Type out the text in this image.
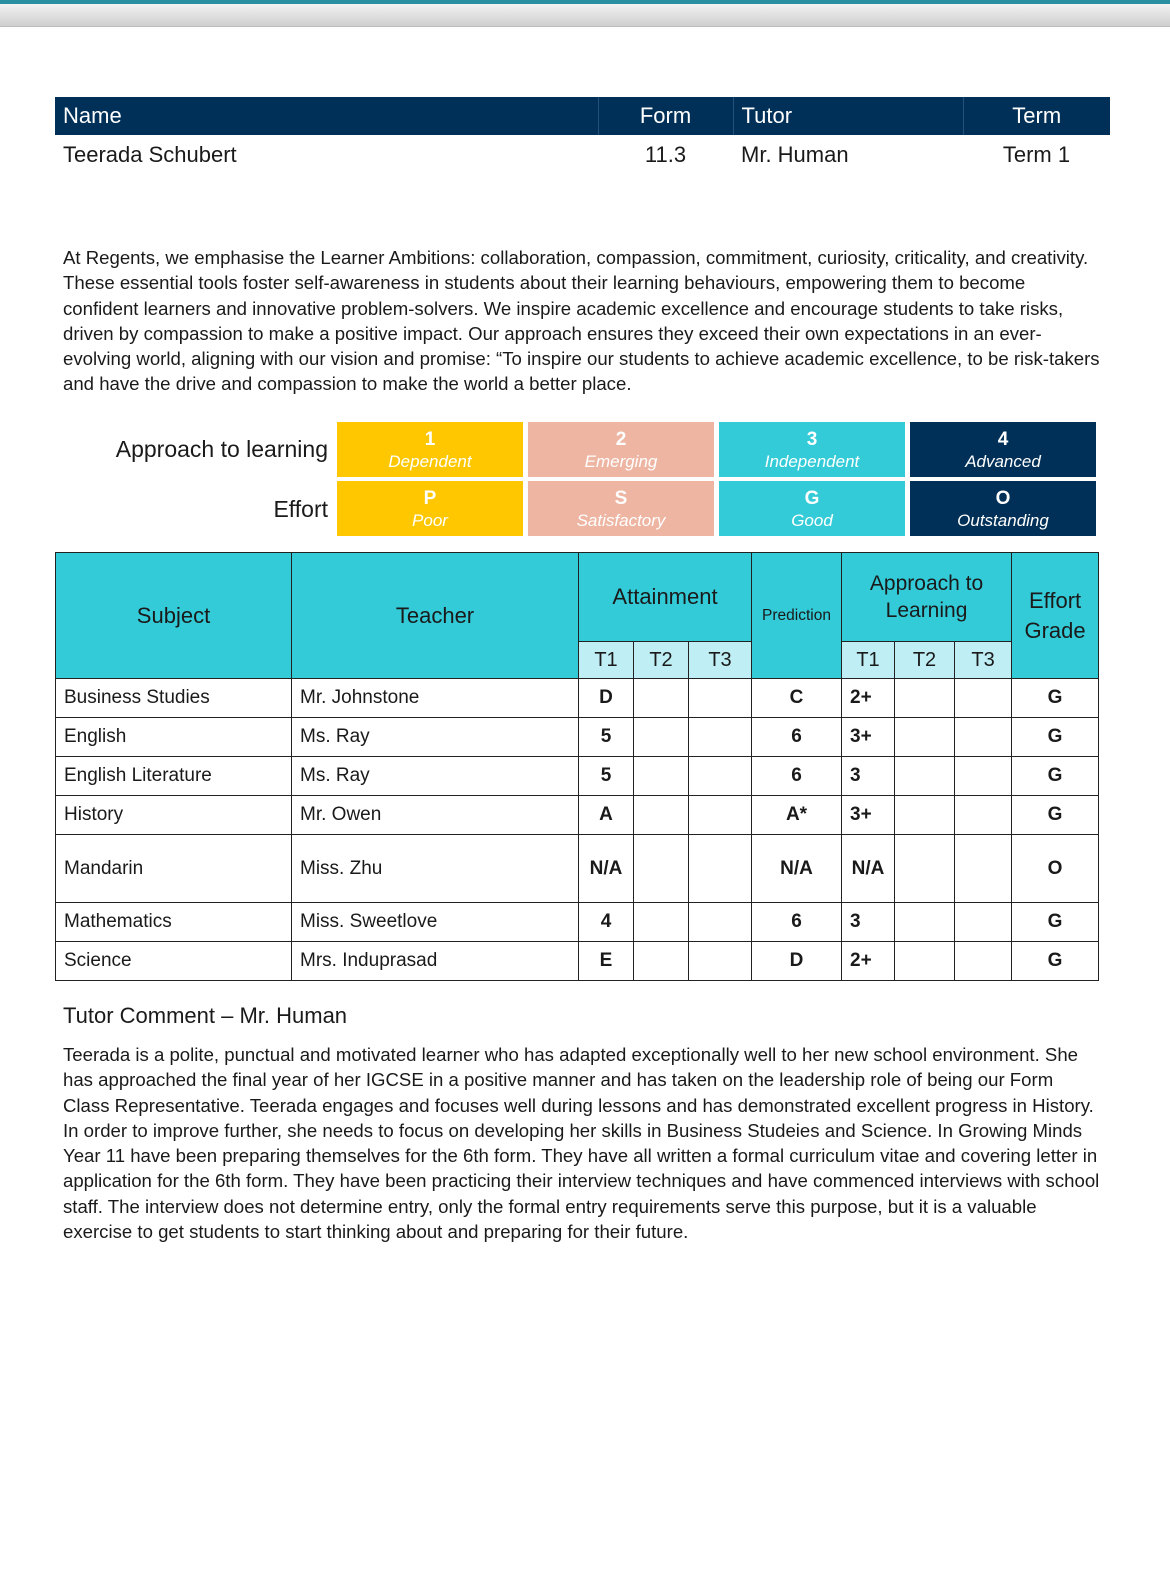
Name	Form	Tutor	Term
Teerada Schubert	11.3	Mr. Human	Term 1

At Regents, we emphasise the Learner Ambitions: collaboration, compassion, commitment, curiosity, criticality, and creativity. These essential tools foster self-awareness in students about their learning behaviours, empowering them to become confident learners and innovative problem-solvers. We inspire academic excellence and encourage students to take risks, driven by compassion to make a positive impact. Our approach ensures they exceed their own expectations in an ever-evolving world, aligning with our vision and promise: “To inspire our students to achieve academic excellence, to be risk-takers and have the drive and compassion to make the world a better place.

Approach to learning
Effort
1
Dependent
2
Emerging
3
Independent
4
Advanced
P
Poor
S
Satisfactory
G
Good
O
Outstanding
Subject	Teacher	Attainment			Prediction	Approach to Learning			Effort Grade
		T1	T2	T3		T1	T2	T3	
Business Studies	Mr. Johnstone	D			C	2+			G
English	Ms. Ray	5			6	3+			G
English Literature	Ms. Ray	5			6	3			G
History	Mr. Owen	A			A*	3+			G
Mandarin	Miss. Zhu	N/A			N/A	N/A			O
Mathematics	Miss. Sweetlove	4			6	3			G
Science	Mrs. Induprasad	E			D	2+			G
Tutor Comment – Mr. Human

Teerada is a polite, punctual and motivated learner who has adapted exceptionally well to her new school environment. She has approached the final year of her IGCSE in a positive manner and has taken on the leadership role of being our Form Class Representative. Teerada engages and focuses well during lessons and has demonstrated excellent progress in History. In order to improve further, she needs to focus on developing her skills in Business Studeies and Science. In Growing Minds Year 11 have been preparing themselves for the 6th form. They have all written a formal curriculum vitae and covering letter in application for the 6th form. They have been practicing their interview techniques and have commenced interviews with school staff. The interview does not determine entry, only the formal entry requirements serve this purpose, but it is a valuable exercise to get students to start thinking about and preparing for their future.
